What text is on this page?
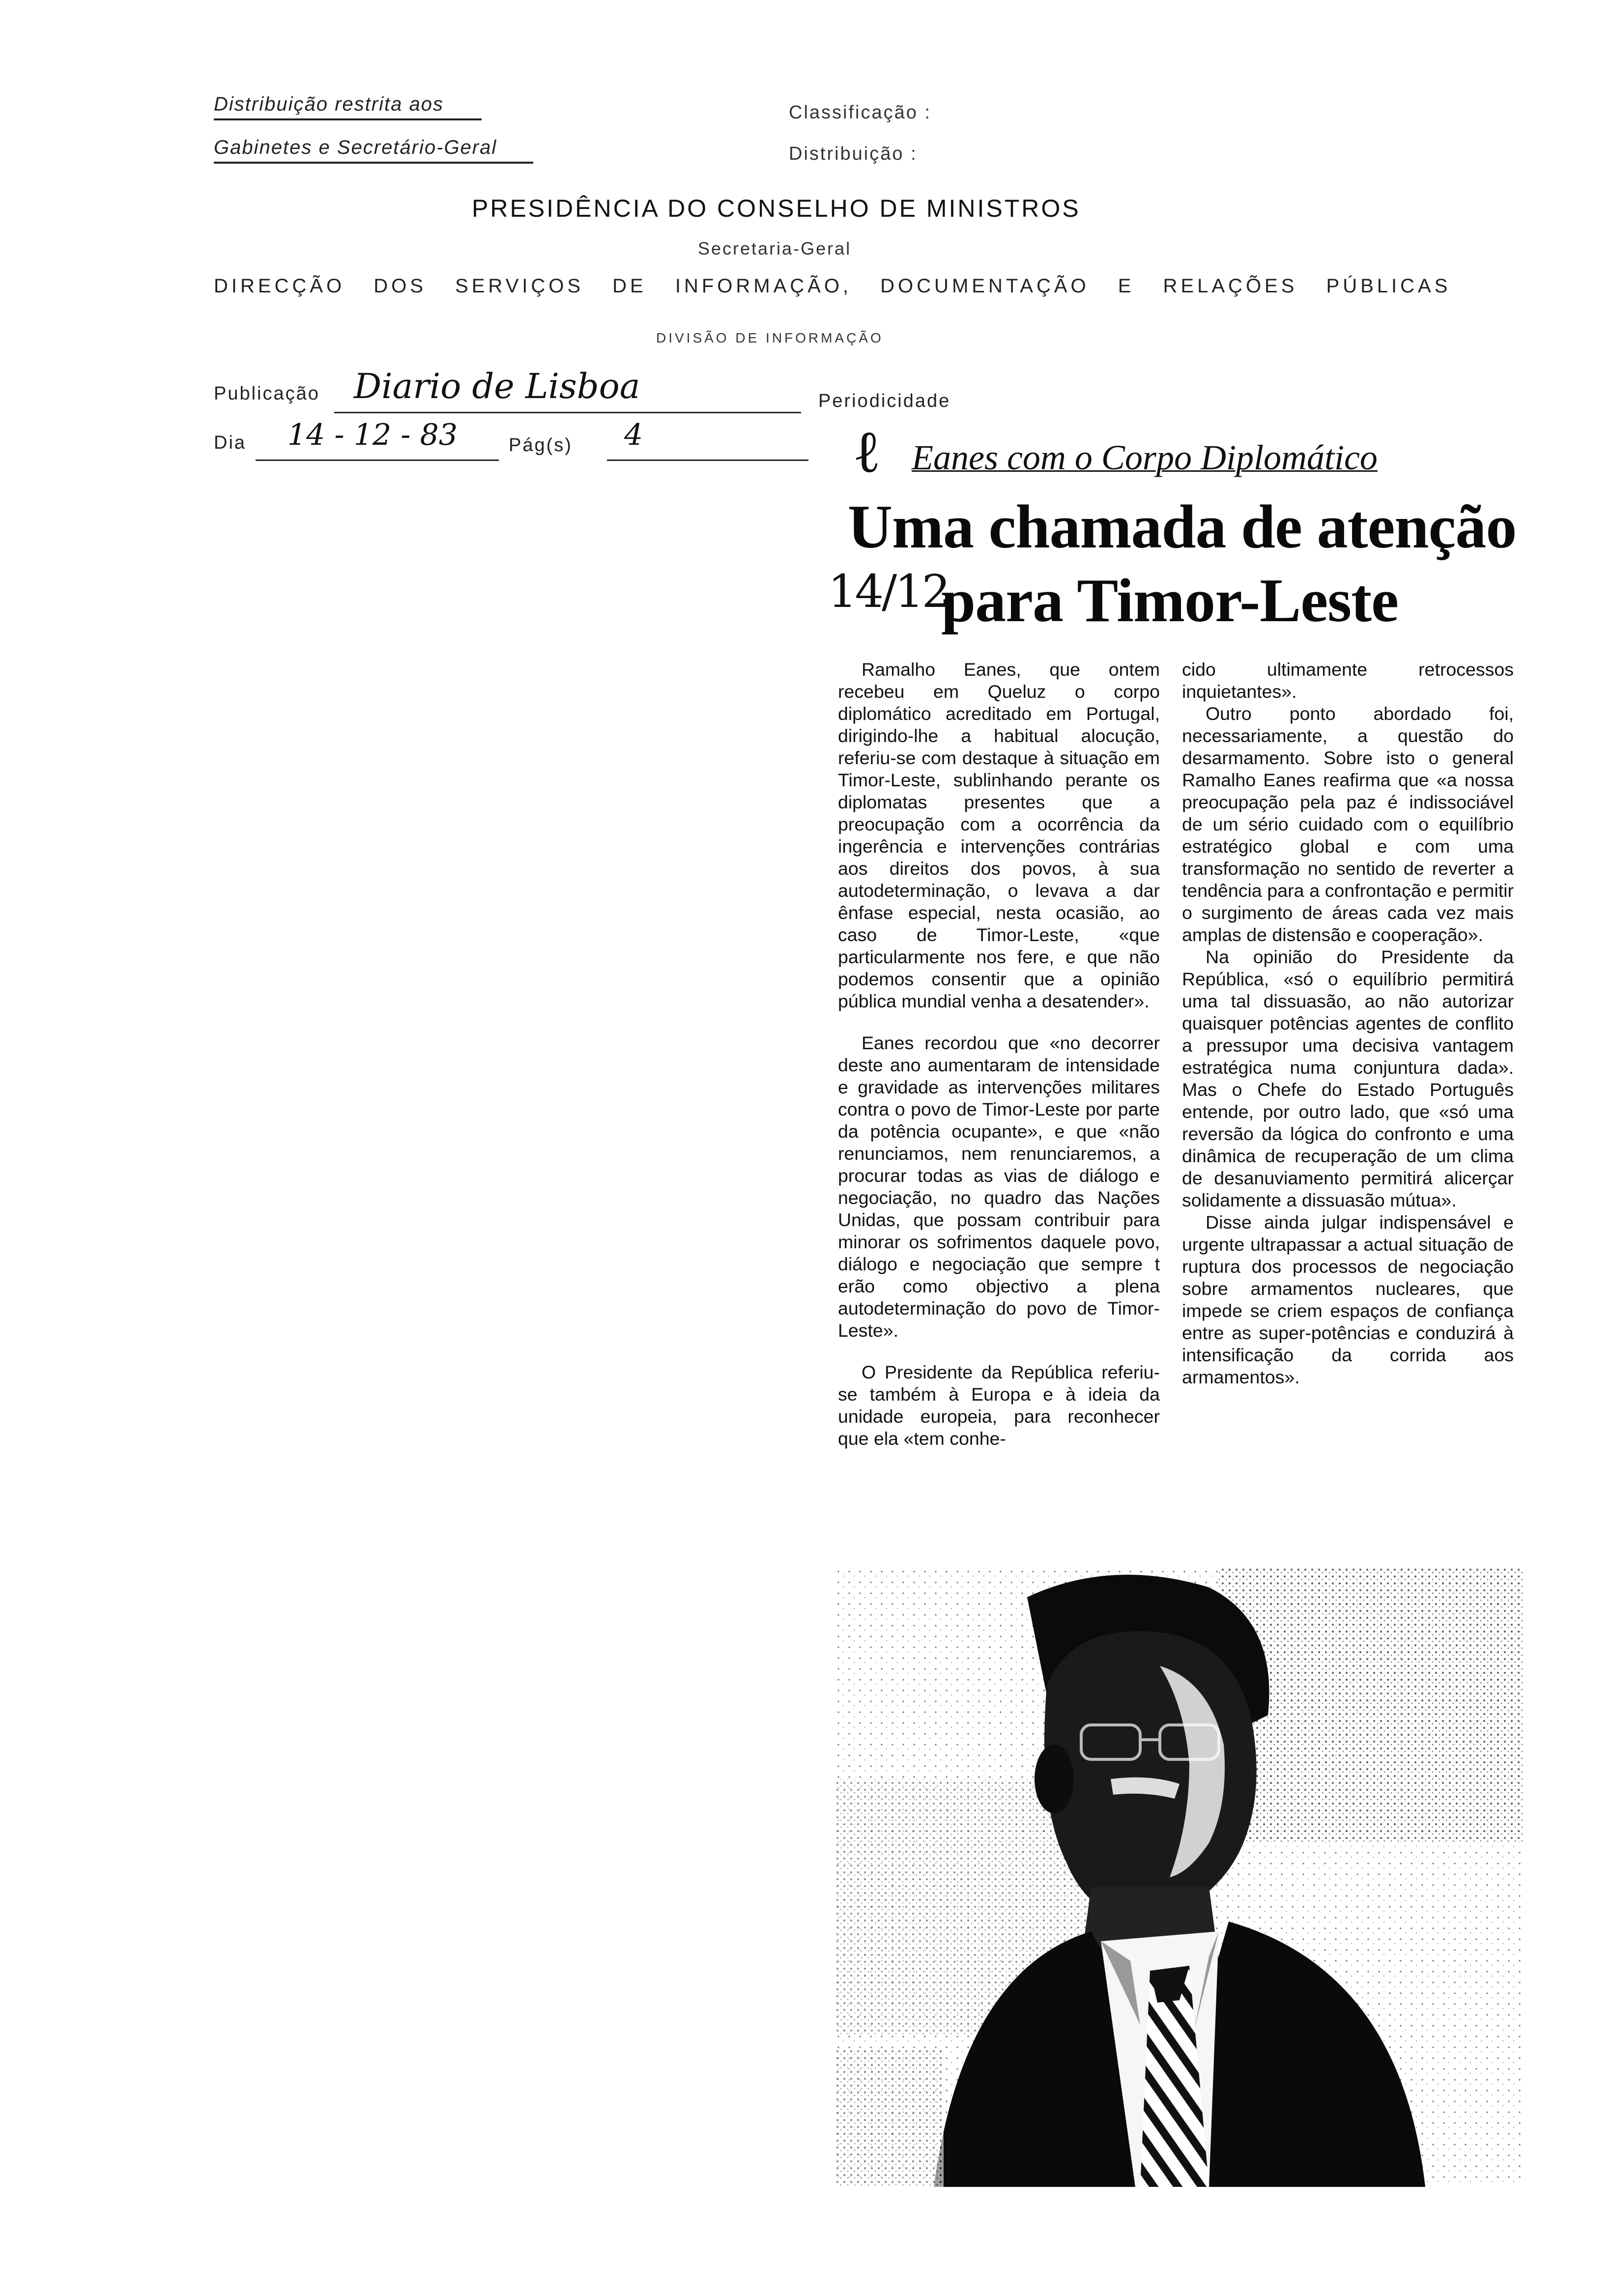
Distribuição restrita aos
Gabinetes e Secretário-Geral
Classificação :
Distribuição :
PRESIDÊNCIA DO CONSELHO DE MINISTROS
Secretaria-Geral
DIRECÇÃO DOS SERVIÇOS DE INFORMAÇÃO, DOCUMENTAÇÃO E RELAÇÕES PÚBLICAS
DIVISÃO DE INFORMAÇÃO
Publicação Diario de Lisboa	Periodicidade
Dia 14 - 12 - 83	Pág(s) 4	ℓ Eanes com o Corpo Diplomático
Uma chamada de atenção
para Timor-Leste
14/12

Ramalho Eanes, que ontem recebeu em Queluz o corpo diplomático acreditado em Portugal, dirigindo-lhe a habitual alocução, referiu-se com destaque à situação em Timor-Leste, sublinhando perante os diplomatas presentes que a preocupação com a ocorrência da ingerência e intervenções contrárias aos direitos dos povos, à sua autodeterminação, o levava a dar ênfase especial, nesta ocasião, ao caso de Timor-Leste, «que particularmente nos fere, e que não podemos consentir que a opinião pública mundial venha a desatender».

Eanes recordou que «no decorrer deste ano aumentaram de intensidade e gravidade as intervenções militares contra o povo de Timor-Leste por parte da potência ocupante», e que «não renunciamos, nem renunciaremos, a procurar todas as vias de diálogo e negociação, no quadro das Nações Unidas, que possam contribuir para minorar os sofrimentos daquele povo, diálogo e negociação que sempre t erão como objectivo a plena autodeterminação do povo de Timor-Leste».

O Presidente da República referiu-se também à Europa e à ideia da unidade europeia, para reconhecer que ela «tem conhe-

cido ultimamente retrocessos inquietantes».

Outro ponto abordado foi, necessariamente, a questão do desarmamento. Sobre isto o general Ramalho Eanes reafirma que «a nossa preocupação pela paz é indissociável de um sério cuidado com o equilíbrio estratégico global e com uma transformação no sentido de reverter a tendência para a confrontação e permitir o surgimento de áreas cada vez mais amplas de distensão e cooperação».

Na opinião do Presidente da República, «só o equilíbrio permitirá uma tal dissuasão, ao não autorizar quaisquer potências agentes de conflito a pressupor uma decisiva vantagem estratégica numa conjuntura dada». Mas o Chefe do Estado Português entende, por outro lado, que «só uma reversão da lógica do confronto e uma dinâmica de recuperação de um clima de desanuviamento permitirá alicerçar solidamente a dissuasão mútua».

Disse ainda julgar indispensável e urgente ultrapassar a actual situação de ruptura dos processos de negociação sobre armamentos nucleares, que impede se criem espaços de confiança entre as super-potências e conduzirá à intensificação da corrida aos armamentos».
